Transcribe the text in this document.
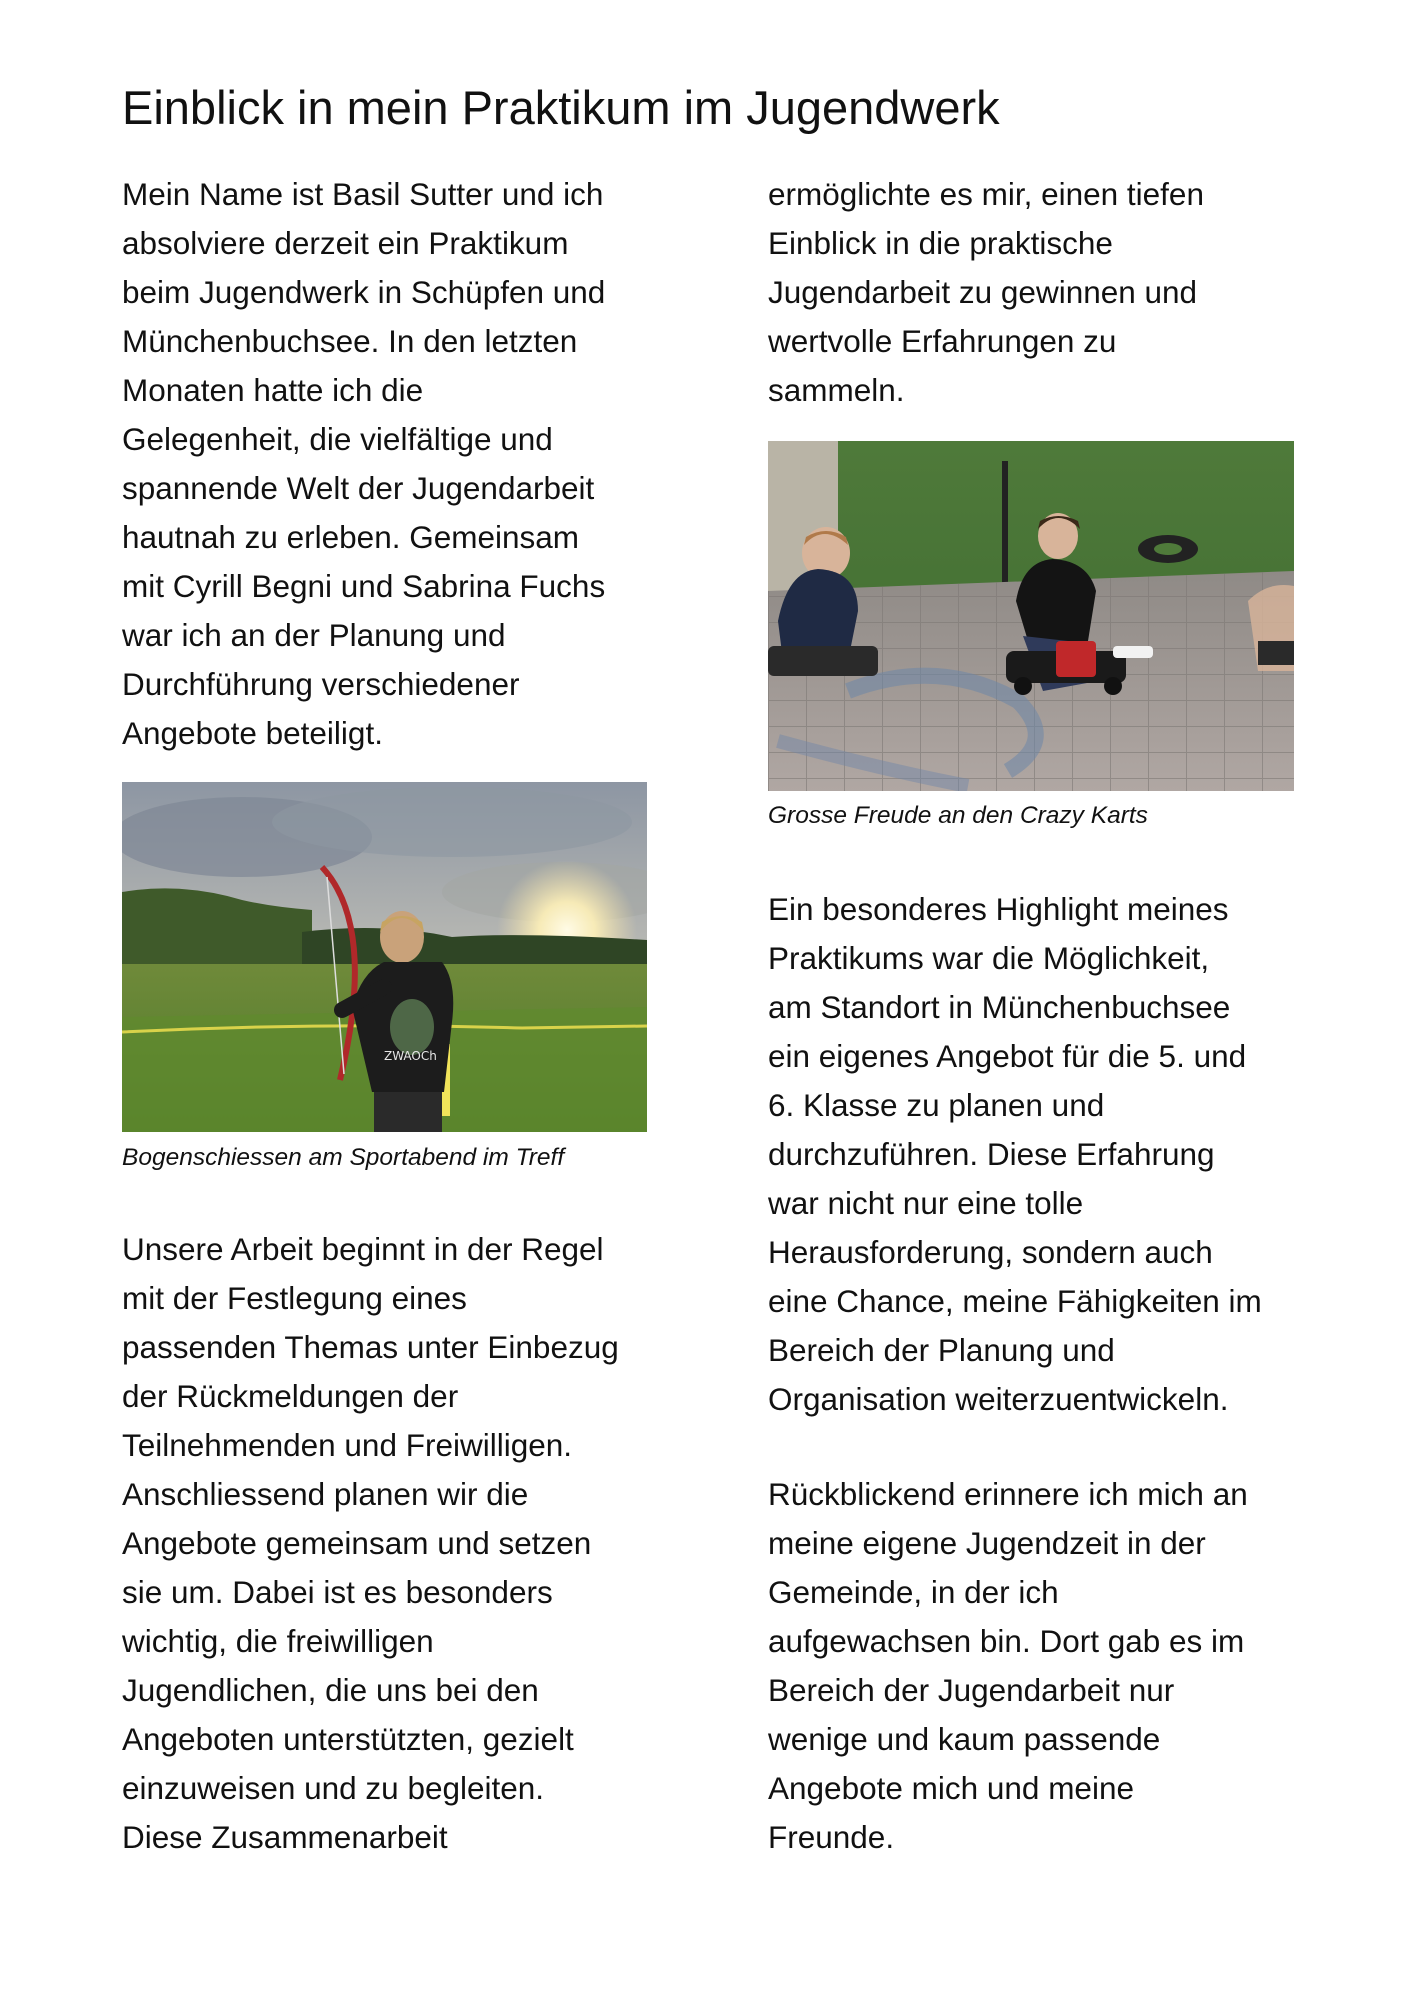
Einblick in mein Praktikum im Jugendwerk

Mein Name ist Basil Sutter und ich
absolviere derzeit ein Praktikum
beim Jugendwerk in Schüpfen und
Münchenbuchsee. In den letzten
Monaten hatte ich die
Gelegenheit, die vielfältige und
spannende Welt der Jugendarbeit
hautnah zu erleben. Gemeinsam
mit Cyrill Begni und Sabrina Fuchs
war ich an der Planung und
Durchführung verschiedener
Angebote beteiligt.

ZWAOCh

Bogenschiessen am Sportabend im Treff

Unsere Arbeit beginnt in der Regel
mit der Festlegung eines
passenden Themas unter Einbezug
der Rückmeldungen der
Teilnehmenden und Freiwilligen.
Anschliessend planen wir die
Angebote gemeinsam und setzen
sie um. Dabei ist es besonders
wichtig, die freiwilligen
Jugendlichen, die uns bei den
Angeboten unterstützten, gezielt
einzuweisen und zu begleiten.
Diese Zusammenarbeit

ermöglichte es mir, einen tiefen
Einblick in die praktische
Jugendarbeit zu gewinnen und
wertvolle Erfahrungen zu
sammeln.

Grosse Freude an den Crazy Karts

Ein besonderes Highlight meines
Praktikums war die Möglichkeit,
am Standort in Münchenbuchsee
ein eigenes Angebot für die 5. und
6. Klasse zu planen und
durchzuführen. Diese Erfahrung
war nicht nur eine tolle
Herausforderung, sondern auch
eine Chance, meine Fähigkeiten im
Bereich der Planung und
Organisation weiterzuentwickeln.

Rückblickend erinnere ich mich an
meine eigene Jugendzeit in der
Gemeinde, in der ich
aufgewachsen bin. Dort gab es im
Bereich der Jugendarbeit nur
wenige und kaum passende
Angebote mich und meine
Freunde.
